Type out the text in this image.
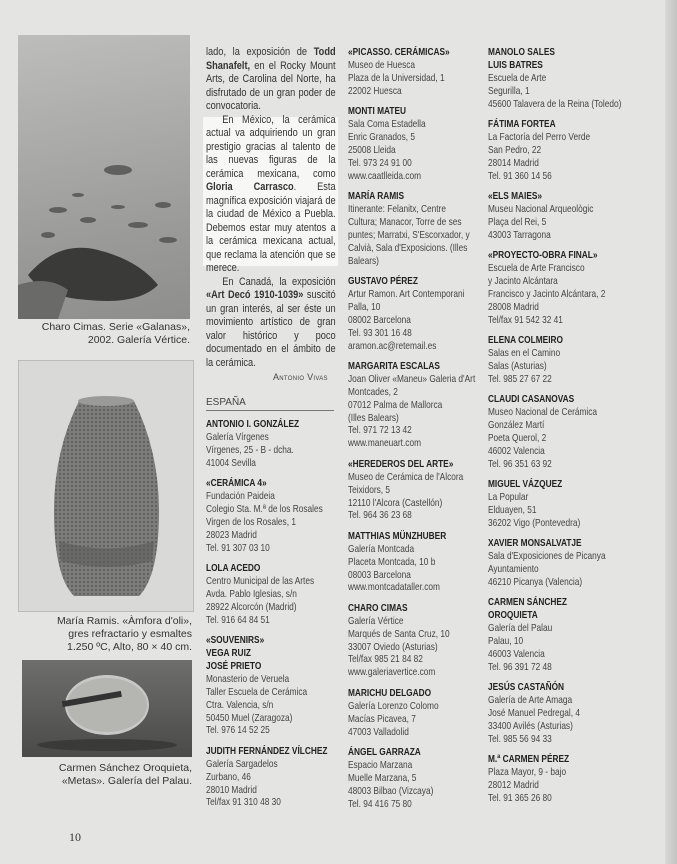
Charo Cimas. Serie «Galanas», 2002. Galería Vértice.
María Ramis. «Àmfora d'oli», gres refractario y esmaltes 1.250 ºC, Alto, 80 × 40 cm.
Carmen Sánchez Oroquieta, «Metas». Galería del Palau.

lado, la exposición de Todd Shanafelt, en el Rocky Mount Arts, de Carolina del Norte, ha disfrutado de un gran poder de convocatoria.

En México, la cerámica actual va adquiriendo un gran prestigio gracias al talento de las nuevas figuras de la cerámica mexicana, como Gloria Carrasco. Esta magnífica exposición viajará de la ciudad de México a Puebla. Debemos estar muy atentos a la cerámica mexicana actual, que reclama la atención que se merece.

En Canadá, la exposición «Art Decó 1910-1039» suscitó un gran interés, al ser éste un movimiento artístico de gran valor histórico y poco documentado en el ámbito de la cerámica.

Antonio Vivas
ESPAÑA
ANTONIO I. GONZÁLEZ
Galería Vírgenes
Vírgenes, 25 - B - dcha.
41004 Sevilla
«CERÁMICA 4»
Fundación Paideia
Colegio Sta. M.ª de los Rosales
Virgen de los Rosales, 1
28023 Madrid
Tel. 91 307 03 10
LOLA ACEDO
Centro Municipal de las Artes
Avda. Pablo Iglesias, s/n
28922 Alcorcón (Madrid)
Tel. 916 64 84 51
«SOUVENIRS»
VEGA RUIZ
JOSÉ PRIETO
Monasterio de Veruela
Taller Escuela de Cerámica
Ctra. Valencia, s/n
50450 Muel (Zaragoza)
Tel. 976 14 52 25
JUDITH FERNÁNDEZ VÍLCHEZ
Galería Sargadelos
Zurbano, 46
28010 Madrid
Tel/fax 91 310 48 30
«PICASSO. CERÁMICAS»
Museo de Huesca
Plaza de la Universidad, 1
22002 Huesca
MONTI MATEU
Sala Coma Estadella
Enric Granados, 5
25008 Lleida
Tel. 973 24 91 00
www.caatlleida.com
MARÍA RAMIS
Itinerante: Felanitx, Centre
Cultura; Manacor, Torre de ses
puntes; Marratxi, S'Escorxador, y
Calvià, Sala d'Exposicions. (Illes
Balears)
GUSTAVO PÉREZ
Artur Ramon. Art Contemporani
Palla, 10
08002 Barcelona
Tel. 93 301 16 48
aramon.ac@retemail.es
MARGARITA ESCALAS
Joan Oliver «Maneu» Galeria d'Art
Montcades, 2
07012 Palma de Mallorca
(Illes Balears)
Tel. 971 72 13 42
www.maneuart.com
«HEREDEROS DEL ARTE»
Museo de Cerámica de l'Alcora
Teixidors, 5
12110 l'Alcora (Castellón)
Tel. 964 36 23 68
MATTHIAS MÜNZHUBER
Galería Montcada
Placeta Montcada, 10 b
08003 Barcelona
www.montcadataller.com
CHARO CIMAS
Galería Vértice
Marqués de Santa Cruz, 10
33007 Oviedo (Asturias)
Tel/fax 985 21 84 82
www.galeriavertice.com
MARICHU DELGADO
Galería Lorenzo Colomo
Macías Picavea, 7
47003 Valladolid
ÁNGEL GARRAZA
Espacio Marzana
Muelle Marzana, 5
48003 Bilbao (Vizcaya)
Tel. 94 416 75 80
MANOLO SALES
LUIS BATRES
Escuela de Arte
Segurilla, 1
45600 Talavera de la Reina (Toledo)
FÁTIMA FORTEA
La Factoría del Perro Verde
San Pedro, 22
28014 Madrid
Tel. 91 360 14 56
«ELS MAIES»
Museu Nacional Arqueològic
Plaça del Rei, 5
43003 Tarragona
«PROYECTO-OBRA FINAL»
Escuela de Arte Francisco
y Jacinto Alcántara
Francisco y Jacinto Alcántara, 2
28008 Madrid
Tel/fax 91 542 32 41
ELENA COLMEIRO
Salas en el Camino
Salas (Asturias)
Tel. 985 27 67 22
CLAUDI CASANOVAS
Museo Nacional de Cerámica
González Martí
Poeta Querol, 2
46002 Valencia
Tel. 96 351 63 92
MIGUEL VÁZQUEZ
La Popular
Elduayen, 51
36202 Vigo (Pontevedra)
XAVIER MONSALVATJE
Sala d'Exposiciones de Picanya
Ayuntamiento
46210 Picanya (Valencia)
CARMEN SÁNCHEZ
OROQUIETA
Galería del Palau
Palau, 10
46003 Valencia
Tel. 96 391 72 48
JESÚS CASTAÑÓN
Galería de Arte Amaga
José Manuel Pedregal, 4
33400 Avilés (Asturias)
Tel. 985 56 94 33
M.ª CARMEN PÉREZ
Plaza Mayor, 9 - bajo
28012 Madrid
Tel. 91 365 26 80
10
